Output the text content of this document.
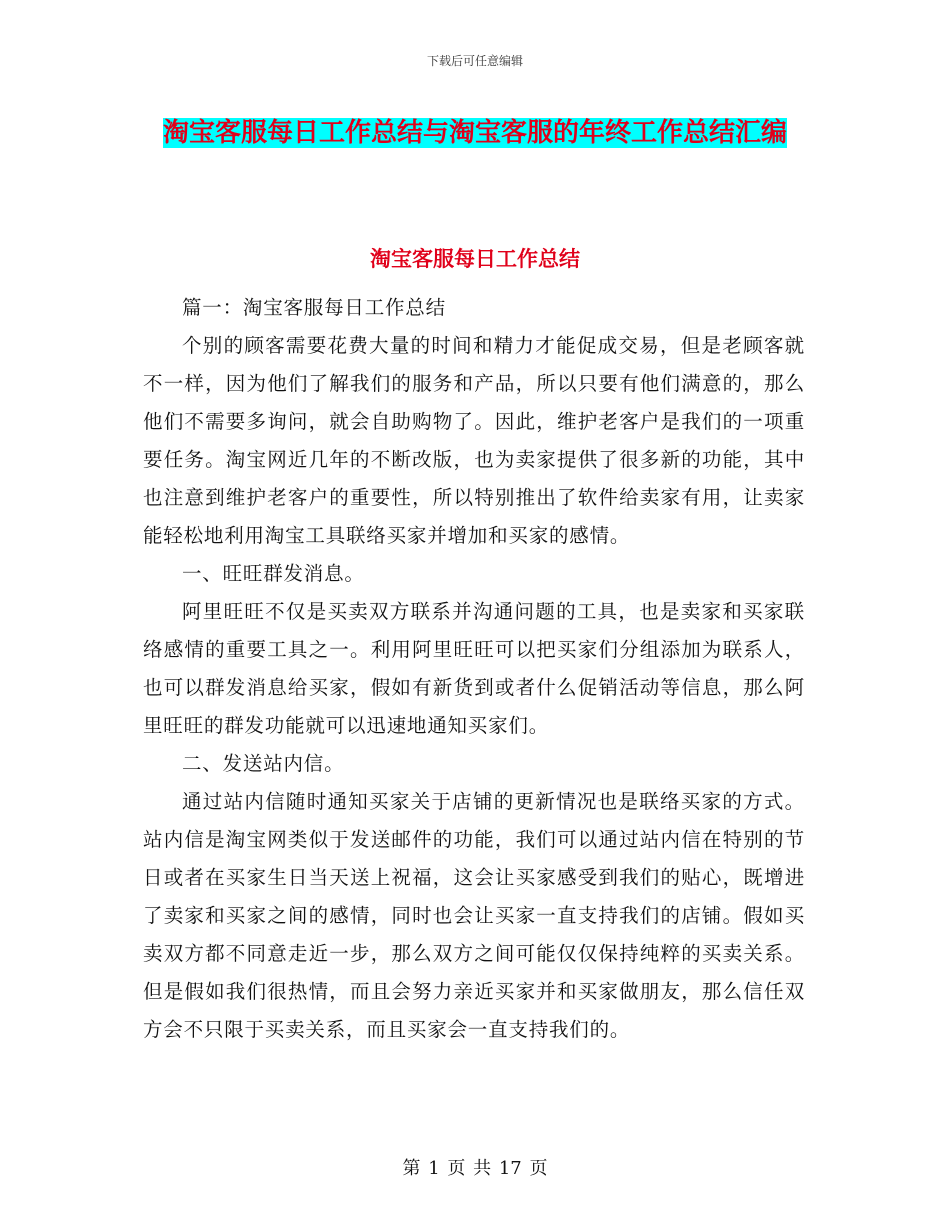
下载后可任意编辑
淘宝客服每日工作总结与淘宝客服的年终工作总结汇编
淘宝客服每日工作总结

篇一：淘宝客服每日工作总结

个别的顾客需要花费大量的时间和精力才能促成交易，但是老顾客就不一样，因为他们了解我们的服务和产品，所以只要有他们满意的，那么他们不需要多询问，就会自助购物了。因此，维护老客户是我们的一项重要任务。淘宝网近几年的不断改版，也为卖家提供了很多新的功能，其中也注意到维护老客户的重要性，所以特别推出了软件给卖家有用，让卖家能轻松地利用淘宝工具联络买家并增加和买家的感情。

一、旺旺群发消息。

阿里旺旺不仅是买卖双方联系并沟通问题的工具，也是卖家和买家联络感情的重要工具之一。利用阿里旺旺可以把买家们分组添加为联系人，也可以群发消息给买家，假如有新货到或者什么促销活动等信息，那么阿里旺旺的群发功能就可以迅速地通知买家们。

二、发送站内信。

通过站内信随时通知买家关于店铺的更新情况也是联络买家的方式。站内信是淘宝网类似于发送邮件的功能，我们可以通过站内信在特别的节日或者在买家生日当天送上祝福，这会让买家感受到我们的贴心，既增进了卖家和买家之间的感情，同时也会让买家一直支持我们的店铺。假如买卖双方都不同意走近一步，那么双方之间可能仅仅保持纯粹的买卖关系。但是假如我们很热情，而且会努力亲近买家并和买家做朋友，那么信任双方会不只限于买卖关系，而且买家会一直支持我们的。

第 1 页 共 17 页
